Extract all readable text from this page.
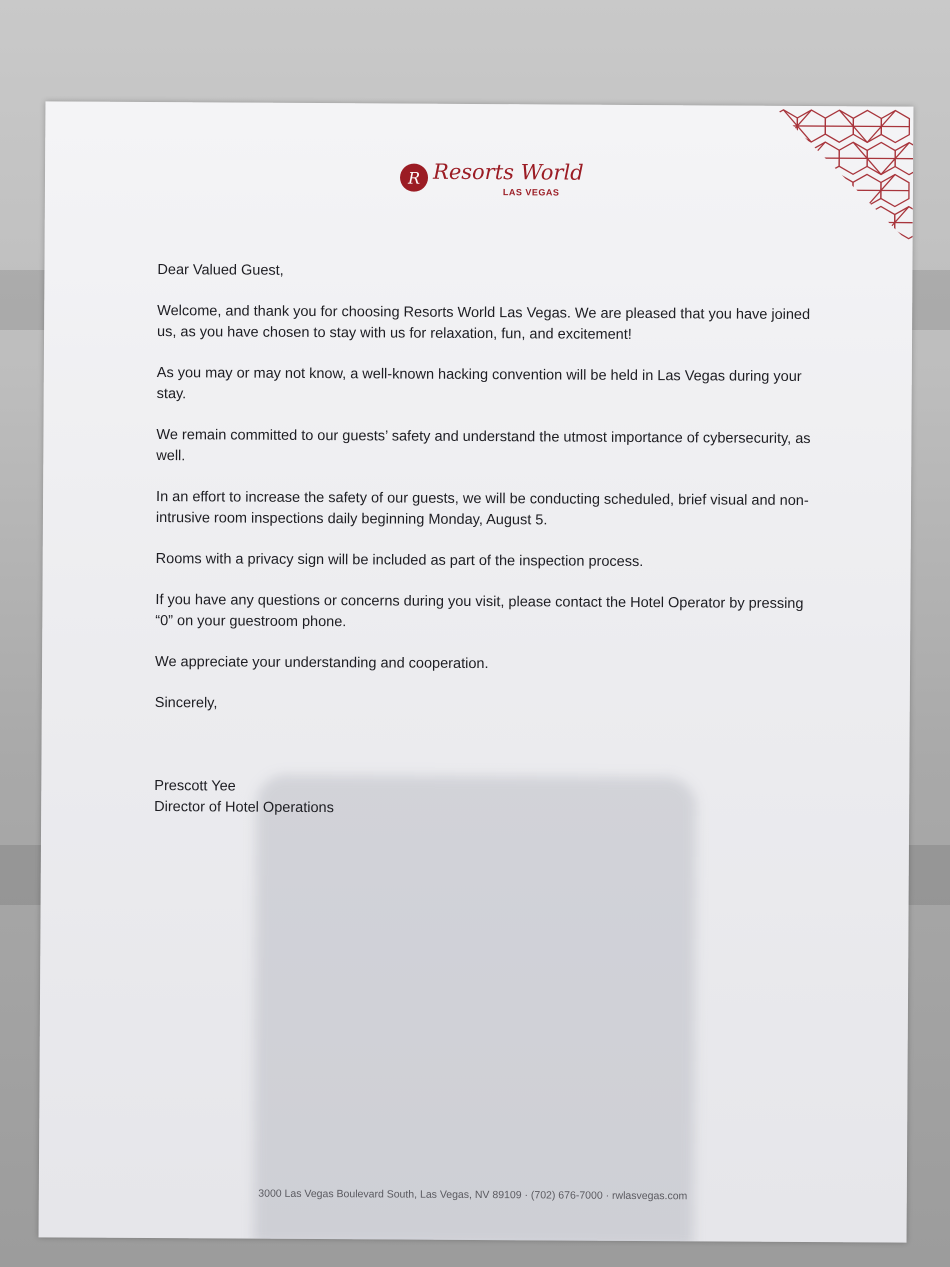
R Resorts World
LAS VEGAS

Dear Valued Guest,

Welcome, and thank you for choosing Resorts World Las Vegas. We are pleased that you have joined us, as you have chosen to stay with us for relaxation, fun, and excitement!

As you may or may not know, a well-known hacking convention will be held in Las Vegas during your stay.

We remain committed to our guests’ safety and understand the utmost importance of cybersecurity, as well.

In an effort to increase the safety of our guests, we will be conducting scheduled, brief visual and non-intrusive room inspections daily beginning Monday, August 5.

Rooms with a privacy sign will be included as part of the inspection process.

If you have any questions or concerns during you visit, please contact the Hotel Operator by pressing “0” on your guestroom phone.

We appreciate your understanding and cooperation.

Sincerely,

Prescott Yee

Director of Hotel Operations

3000 Las Vegas Boulevard South, Las Vegas, NV 89109 · (702) 676-7000 · rwlasvegas.com
